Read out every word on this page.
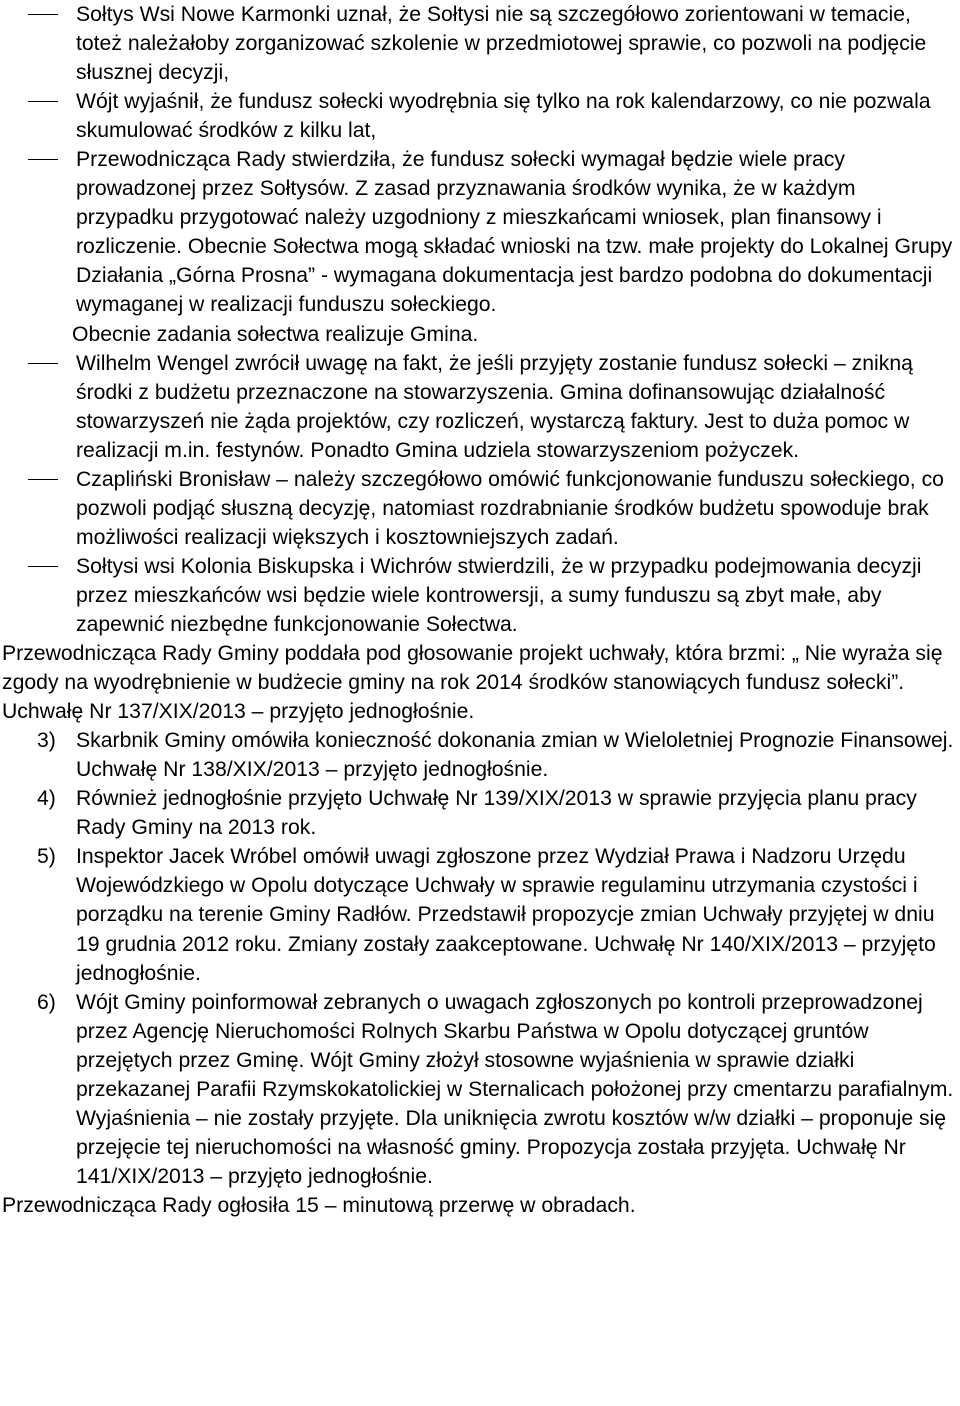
Sołtys Wsi Nowe Karmonki uznał, że Sołtysi nie są szczegółowo zorientowani w temacie, toteż należałoby zorganizować szkolenie w przedmiotowej sprawie, co pozwoli na podjęcie słusznej decyzji,
Wójt wyjaśnił, że fundusz sołecki wyodrębnia się tylko na rok kalendarzowy, co nie pozwala skumulować środków z kilku lat,
Przewodnicząca Rady stwierdziła, że fundusz sołecki wymagał będzie wiele pracy prowadzonej przez Sołtysów. Z zasad przyznawania środków wynika, że w każdym przypadku przygotować należy uzgodniony z mieszkańcami wniosek, plan finansowy i rozliczenie. Obecnie Sołectwa mogą składać wnioski na tzw. małe projekty do Lokalnej Grupy Działania „Górna Prosna” - wymagana dokumentacja jest bardzo podobna do dokumentacji wymaganej w realizacji funduszu sołeckiego.
Obecnie zadania sołectwa realizuje Gmina.
Wilhelm Wengel zwrócił uwagę na fakt, że jeśli przyjęty zostanie fundusz sołecki – znikną środki z budżetu przeznaczone na stowarzyszenia. Gmina dofinansowując działalność stowarzyszeń nie żąda projektów, czy rozliczeń, wystarczą faktury. Jest to duża pomoc w realizacji m.in. festynów. Ponadto Gmina udziela stowarzyszeniom pożyczek.
Czapliński Bronisław – należy szczegółowo omówić funkcjonowanie funduszu sołeckiego, co pozwoli podjąć słuszną decyzję, natomiast rozdrabnianie środków budżetu spowoduje brak możliwości realizacji większych i kosztowniejszych zadań.
Sołtysi wsi Kolonia Biskupska i Wichrów stwierdzili, że w przypadku podejmowania decyzji przez mieszkańców wsi będzie wiele kontrowersji, a sumy funduszu są zbyt małe, aby zapewnić niezbędne funkcjonowanie Sołectwa.
Przewodnicząca Rady Gminy poddała pod głosowanie projekt uchwały, która brzmi: „ Nie wyraża się zgody na wyodrębnienie w budżecie gminy na rok 2014 środków stanowiących fundusz sołecki”. Uchwałę Nr 137/XIX/2013 – przyjęto jednogłośnie.
3) Skarbnik Gminy omówiła konieczność dokonania zmian w Wieloletniej Prognozie Finansowej. Uchwałę Nr 138/XIX/2013 – przyjęto jednogłośnie.
4) Również jednogłośnie przyjęto Uchwałę Nr 139/XIX/2013 w sprawie przyjęcia planu pracy Rady Gminy na 2013 rok.
5) Inspektor Jacek Wróbel omówił uwagi zgłoszone przez Wydział Prawa i Nadzoru Urzędu Wojewódzkiego w Opolu dotyczące Uchwały w sprawie regulaminu utrzymania czystości i porządku na terenie Gminy Radłów. Przedstawił propozycje zmian Uchwały przyjętej w dniu 19 grudnia 2012 roku. Zmiany zostały zaakceptowane. Uchwałę Nr 140/XIX/2013 – przyjęto jednogłośnie.
6) Wójt Gminy poinformował zebranych o uwagach zgłoszonych po kontroli przeprowadzonej przez Agencję Nieruchomości Rolnych Skarbu Państwa w Opolu dotyczącej gruntów przejętych przez Gminę. Wójt Gminy złożył stosowne wyjaśnienia w sprawie działki przekazanej Parafii Rzymskokatolickiej w Sternalicach położonej przy cmentarzu parafialnym. Wyjaśnienia – nie zostały przyjęte. Dla uniknięcia zwrotu kosztów w/w działki – proponuje się przejęcie tej nieruchomości na własność gminy. Propozycja została przyjęta. Uchwałę Nr 141/XIX/2013 – przyjęto jednogłośnie.
Przewodnicząca Rady ogłosiła 15 – minutową przerwę w obradach.
